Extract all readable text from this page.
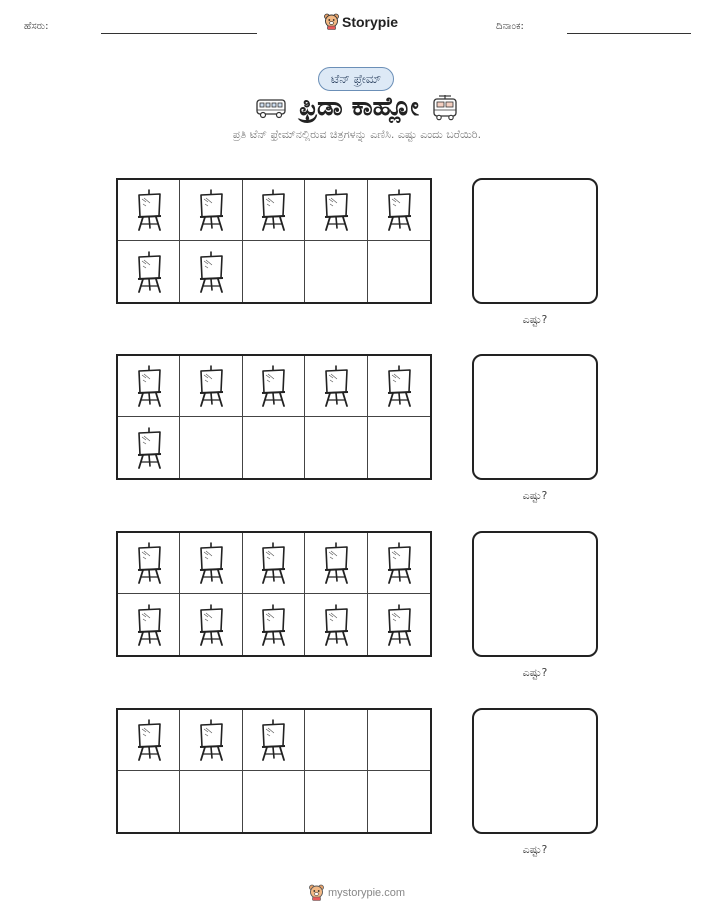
ಹೆಸರು:	Storypie	ದಿನಾಂಕ:
ಟೆನ್ ಫ್ರೇಮ್
ಫ್ರಿಡಾ ಕಾಹ್ಲೋ
ಪ್ರತಿ ಟೆನ್ ಫ್ರೇಮ್‌ನಲ್ಲಿರುವ ಚಿತ್ರಗಳನ್ನು ಎಣಿಸಿ. ಎಷ್ಟು ಎಂದು ಬರೆಯಿರಿ.
ಎಷ್ಟು?
ಎಷ್ಟು?
ಎಷ್ಟು?
ಎಷ್ಟು?
mystorypie.com
